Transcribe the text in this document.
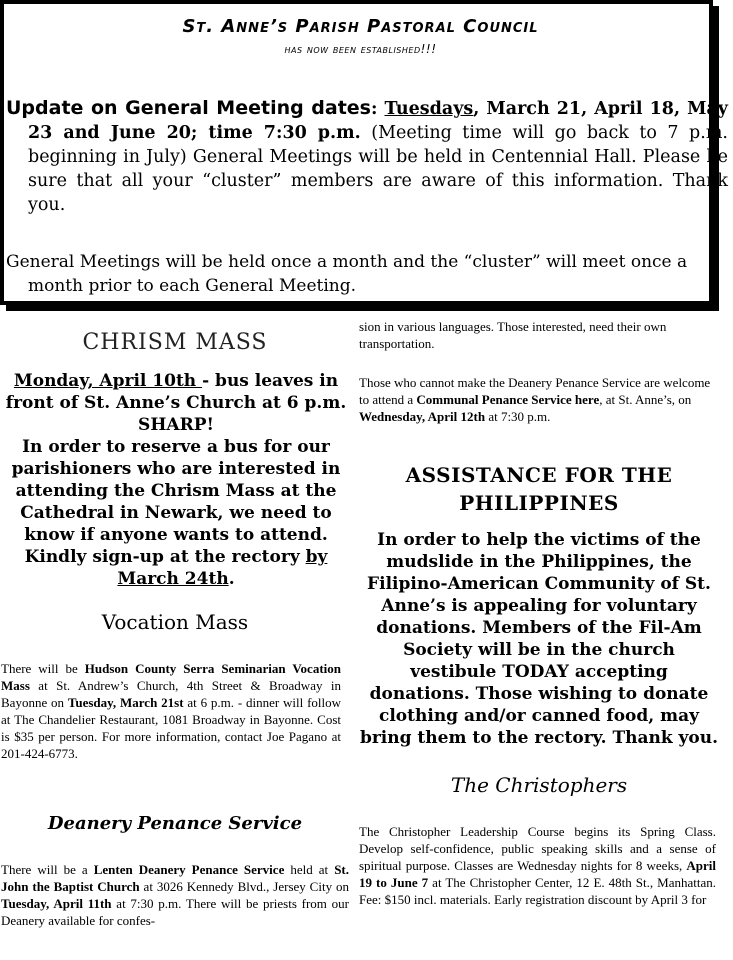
St. Anne’s Parish Pastoral Council
has now been established!!!

Update on General Meeting dates: Tuesdays, March 21, April 18, May 23 and June 20; time 7:30 p.m. (Meeting time will go back to 7 p.m. beginning in July) General Meetings will be held in Centennial Hall. Please be sure that all your “cluster” members are aware of this information. Thank you.

General Meetings will be held once a month and the “cluster” will meet once a month prior to each General Meeting.

CHRISM MASS

Monday, April 10th - bus leaves in front of St. Anne’s Church at 6 p.m. SHARP!
In order to reserve a bus for our parishioners who are interested in attending the Chrism Mass at the Cathedral in Newark, we need to know if anyone wants to attend. Kindly sign-up at the rectory by March 24th.

Vocation Mass

There will be Hudson County Serra Seminarian Vocation Mass at St. Andrew’s Church, 4th Street & Broadway in Bayonne on Tuesday, March 21st at 6 p.m. - dinner will follow at The Chandelier Restaurant, 1081 Broadway in Bayonne. Cost is $35 per person. For more information, contact Joe Pagano at 201-424-6773.

Deanery Penance Service

There will be a Lenten Deanery Penance Service held at St. John the Baptist Church at 3026 Kennedy Blvd., Jersey City on Tuesday, April 11th at 7:30 p.m. There will be priests from our Deanery available for confes-

sion in various languages. Those interested, need their own transportation.

Those who cannot make the Deanery Penance Service are welcome to attend a Communal Penance Service here, at St. Anne’s, on Wednesday, April 12th at 7:30 p.m.

ASSISTANCE FOR THE PHILIPPINES

In order to help the victims of the mudslide in the Philippines, the Filipino-American Community of St. Anne’s is appealing for voluntary donations. Members of the Fil-Am Society will be in the church vestibule TODAY accepting donations. Those wishing to donate clothing and/or canned food, may bring them to the rectory. Thank you.

The Christophers

The Christopher Leadership Course begins its Spring Class. Develop self-confidence, public speaking skills and a sense of spiritual purpose. Classes are Wednesday nights for 8 weeks, April 19 to June 7 at The Christopher Center, 12 E. 48th St., Manhattan. Fee: $150 incl. materials. Early registration discount by April 3 for
